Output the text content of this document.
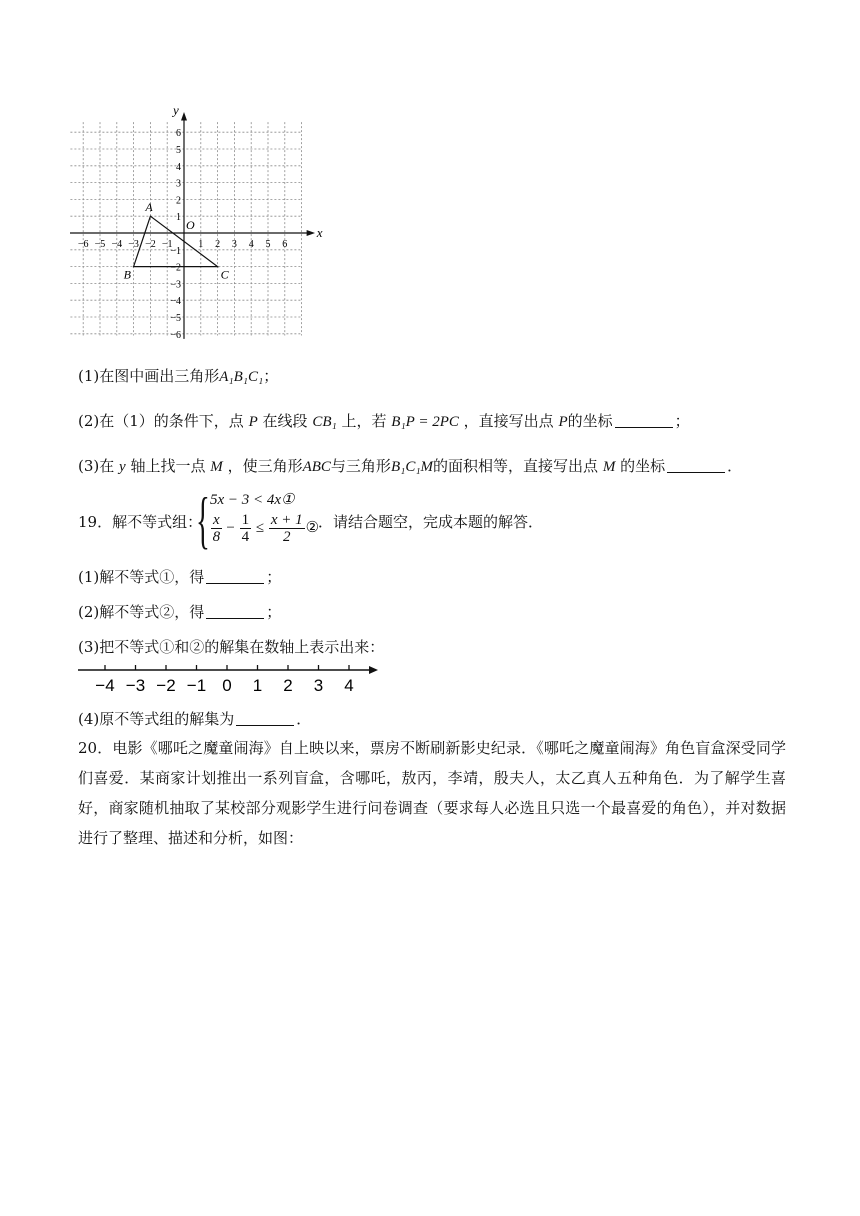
x
y
O
−6 −5 −4 −3 −2 −1	1 2 3 4 5 6
6
5
4
3
2
1
−1
−2
−3
−4
−5
−6
A
B	C
(1)在图中画出三角形A₁B₁C₁；
(2)在（1）的条件下，点 P 在线段 CB₁ 上，若 B₁P = 2PC ，直接写出点 P的坐标	；
(3)在 y 轴上找一点 M ，使三角形ABC与三角形B₁C₁M的面积相等，直接写出点 M 的坐标	．
19．解不等式组：
{ 5x − 3 < 4x①
$\frac{x}{8} - \frac{1}{4} \le \frac{x + 1}{2}$ ②
．请结合题空，完成本题的解答．
(1)解不等式①，得	；
(2)解不等式②，得	；
(3)把不等式①和②的解集在数轴上表示出来：
−4 −3 −2 −1 0 1 2 3 4
(4)原不等式组的解集为	．
20．电影《哪吒之魔童闹海》自上映以来，票房不断刷新影史纪录．《哪吒之魔童闹海》角色盲盒深受同学们喜爱．某商家计划推出一系列盲盒，含哪吒，敖丙，李靖，殷夫人，太乙真人五种角色．为了解学生喜好，商家随机抽取了某校部分观影学生进行问卷调查（要求每人必选且只选一个最喜爱的角色），并对数据进行了整理、描述和分析，如图：
